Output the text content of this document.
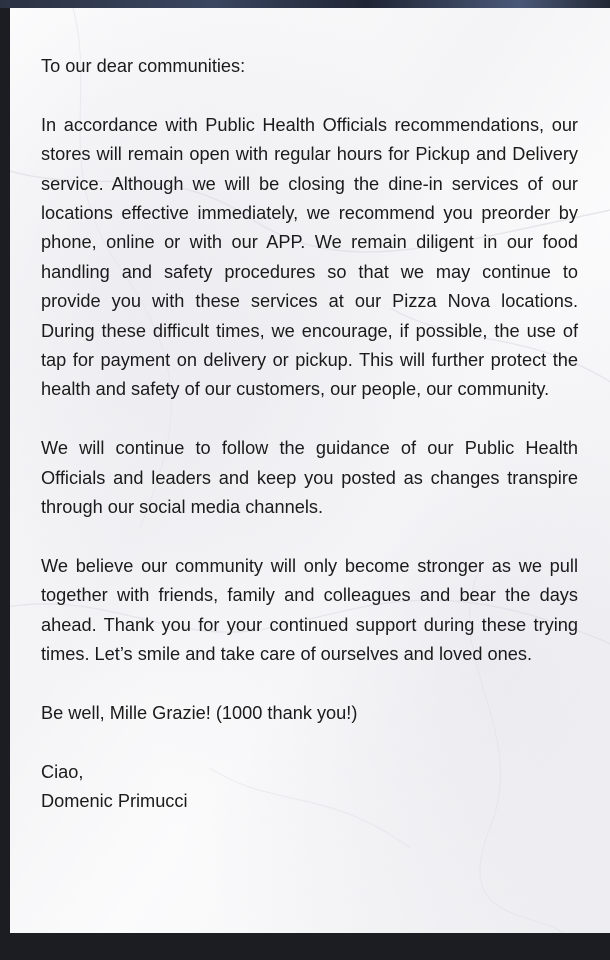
To our dear communities:

In accordance with Public Health Officials recommendations, our stores will remain open with regular hours for Pickup and Delivery service. Although we will be closing the dine-in services of our locations effective immediately, we recommend you preorder by phone, online or with our APP. We remain diligent in our food handling and safety procedures so that we may continue to provide you with these services at our Pizza Nova locations. During these difficult times, we encourage, if possible, the use of tap for payment on delivery or pickup. This will further protect the health and safety of our customers, our people, our community.

We will continue to follow the guidance of our Public Health Officials and leaders and keep you posted as changes transpire through our social media channels.

We believe our community will only become stronger as we pull together with friends, family and colleagues and bear the days ahead. Thank you for your continued support during these trying times. Let’s smile and take care of ourselves and loved ones.

Be well, Mille Grazie! (1000 thank you!)

Ciao,

Domenic Primucci
